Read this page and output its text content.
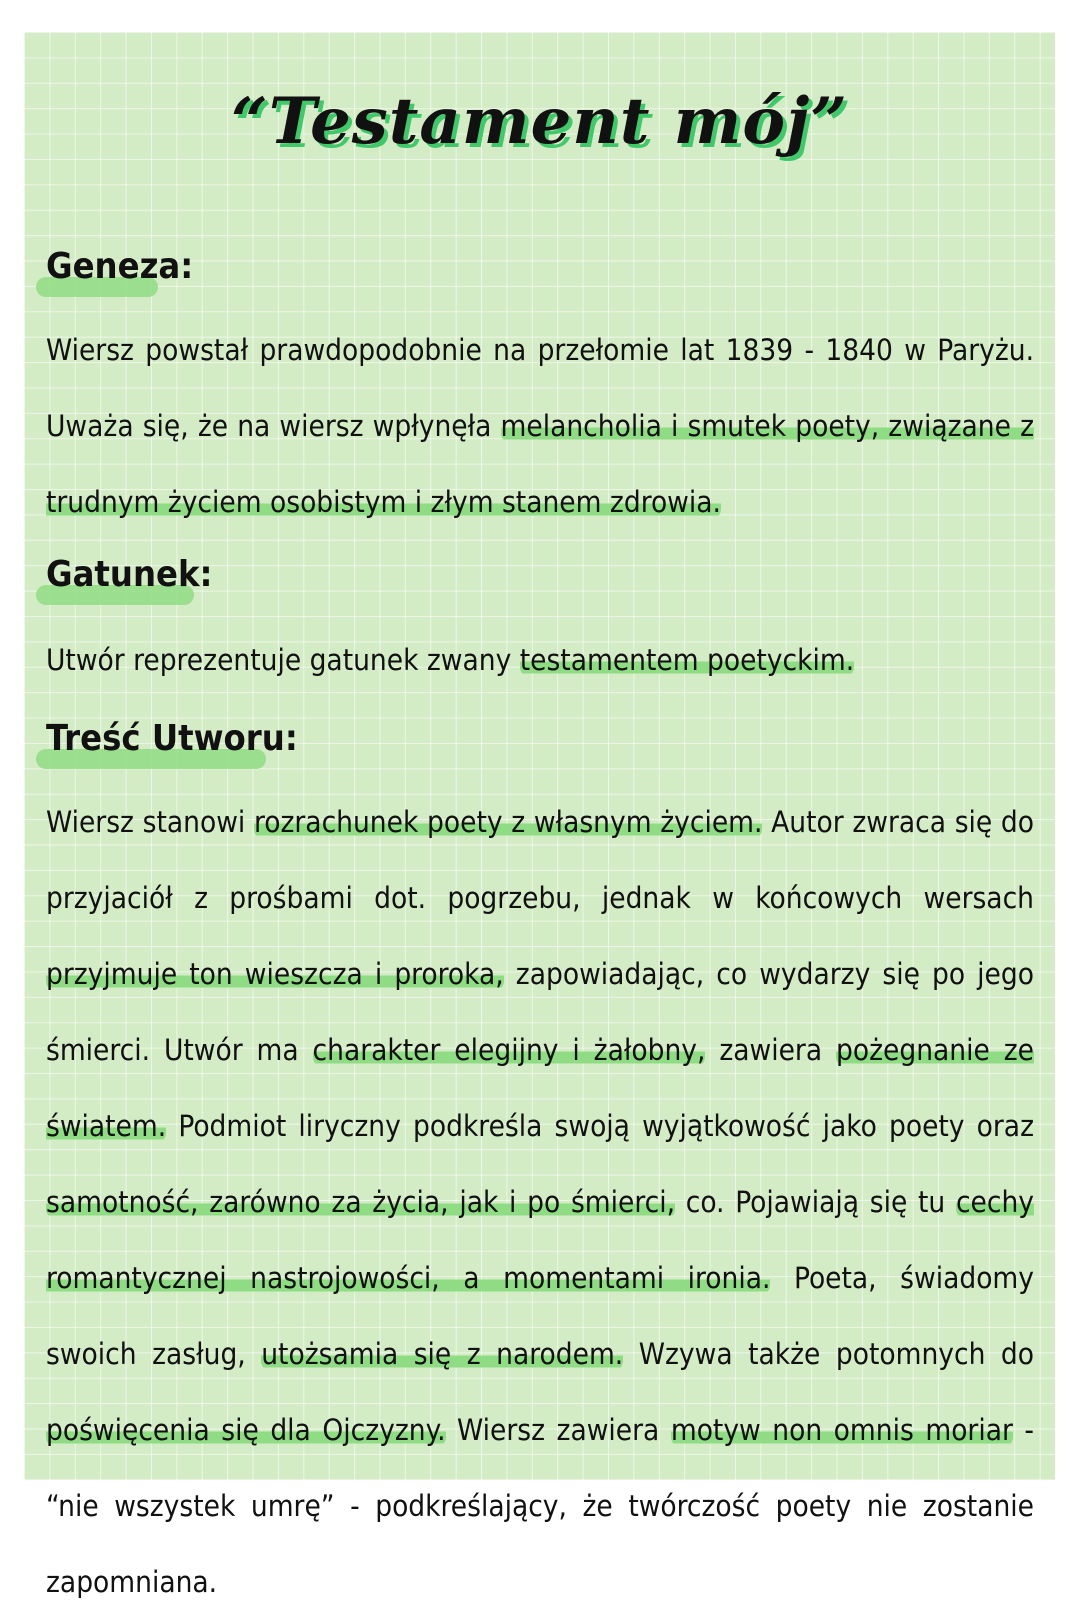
“Testament mój”
Geneza:

Wiersz powstał prawdopodobnie na przełomie lat 1839 - 1840 w Paryżu. Uważa się, że na wiersz wpłynęła melancholia i smutek poety, związane z trudnym życiem osobistym i złym stanem zdrowia.

Gatunek:

Utwór reprezentuje gatunek zwany testamentem poetyckim.

Treść Utworu:

Wiersz stanowi rozrachunek poety z własnym życiem. Autor zwraca się do przyjaciół z prośbami dot. pogrzebu, jednak w końcowych wersach przyjmuje ton wieszcza i proroka, zapowiadając, co wydarzy się po jego śmierci. Utwór ma charakter elegijny i żałobny, zawiera pożegnanie ze światem. Podmiot liryczny podkreśla swoją wyjątkowość jako poety oraz samotność, zarówno za życia, jak i po śmierci, co. Pojawiają się tu cechy romantycznej nastrojowości, a momentami ironia. Poeta, świadomy swoich zasług, utożsamia się z narodem. Wzywa także potomnych do poświęcenia się dla Ojczyzny. Wiersz zawiera motyw non omnis moriar - “nie wszystek umrę” - podkreślający, że twórczość poety nie zostanie zapomniana.
